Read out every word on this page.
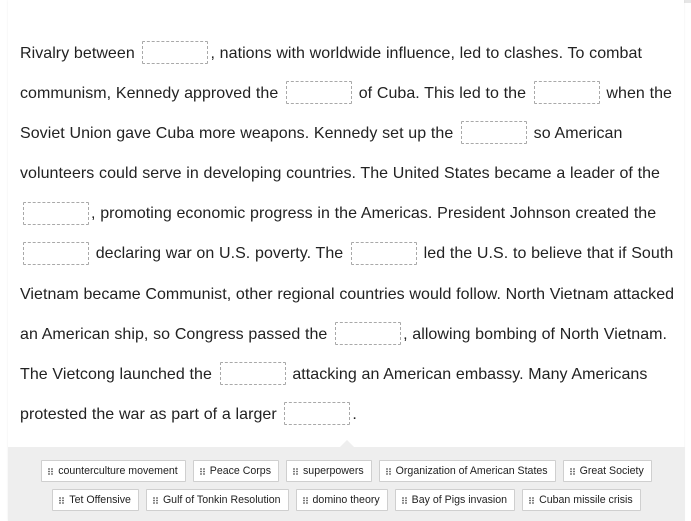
Rivalry between	, nations with worldwide influence, led to clashes. To combat communism, Kennedy approved the	of Cuba. This led to the	when the Soviet Union gave Cuba more weapons. Kennedy set up the	so American volunteers could serve in developing countries. The United States became a leader of the , promoting economic progress in the Americas. President Johnson created the  declaring war on U.S. poverty. The	led the U.S. to believe that if South Vietnam became Communist, other regional countries would follow. North Vietnam attacked an American ship, so Congress passed the	, allowing bombing of North Vietnam. The Vietcong launched the	attacking an American embassy. Many Americans protested the war as part of a larger	.
counterculture movement	Peace Corps	superpowers	Organization of American States	Great Society
Tet Offensive	Gulf of Tonkin Resolution	domino theory	Bay of Pigs invasion	Cuban missile crisis
